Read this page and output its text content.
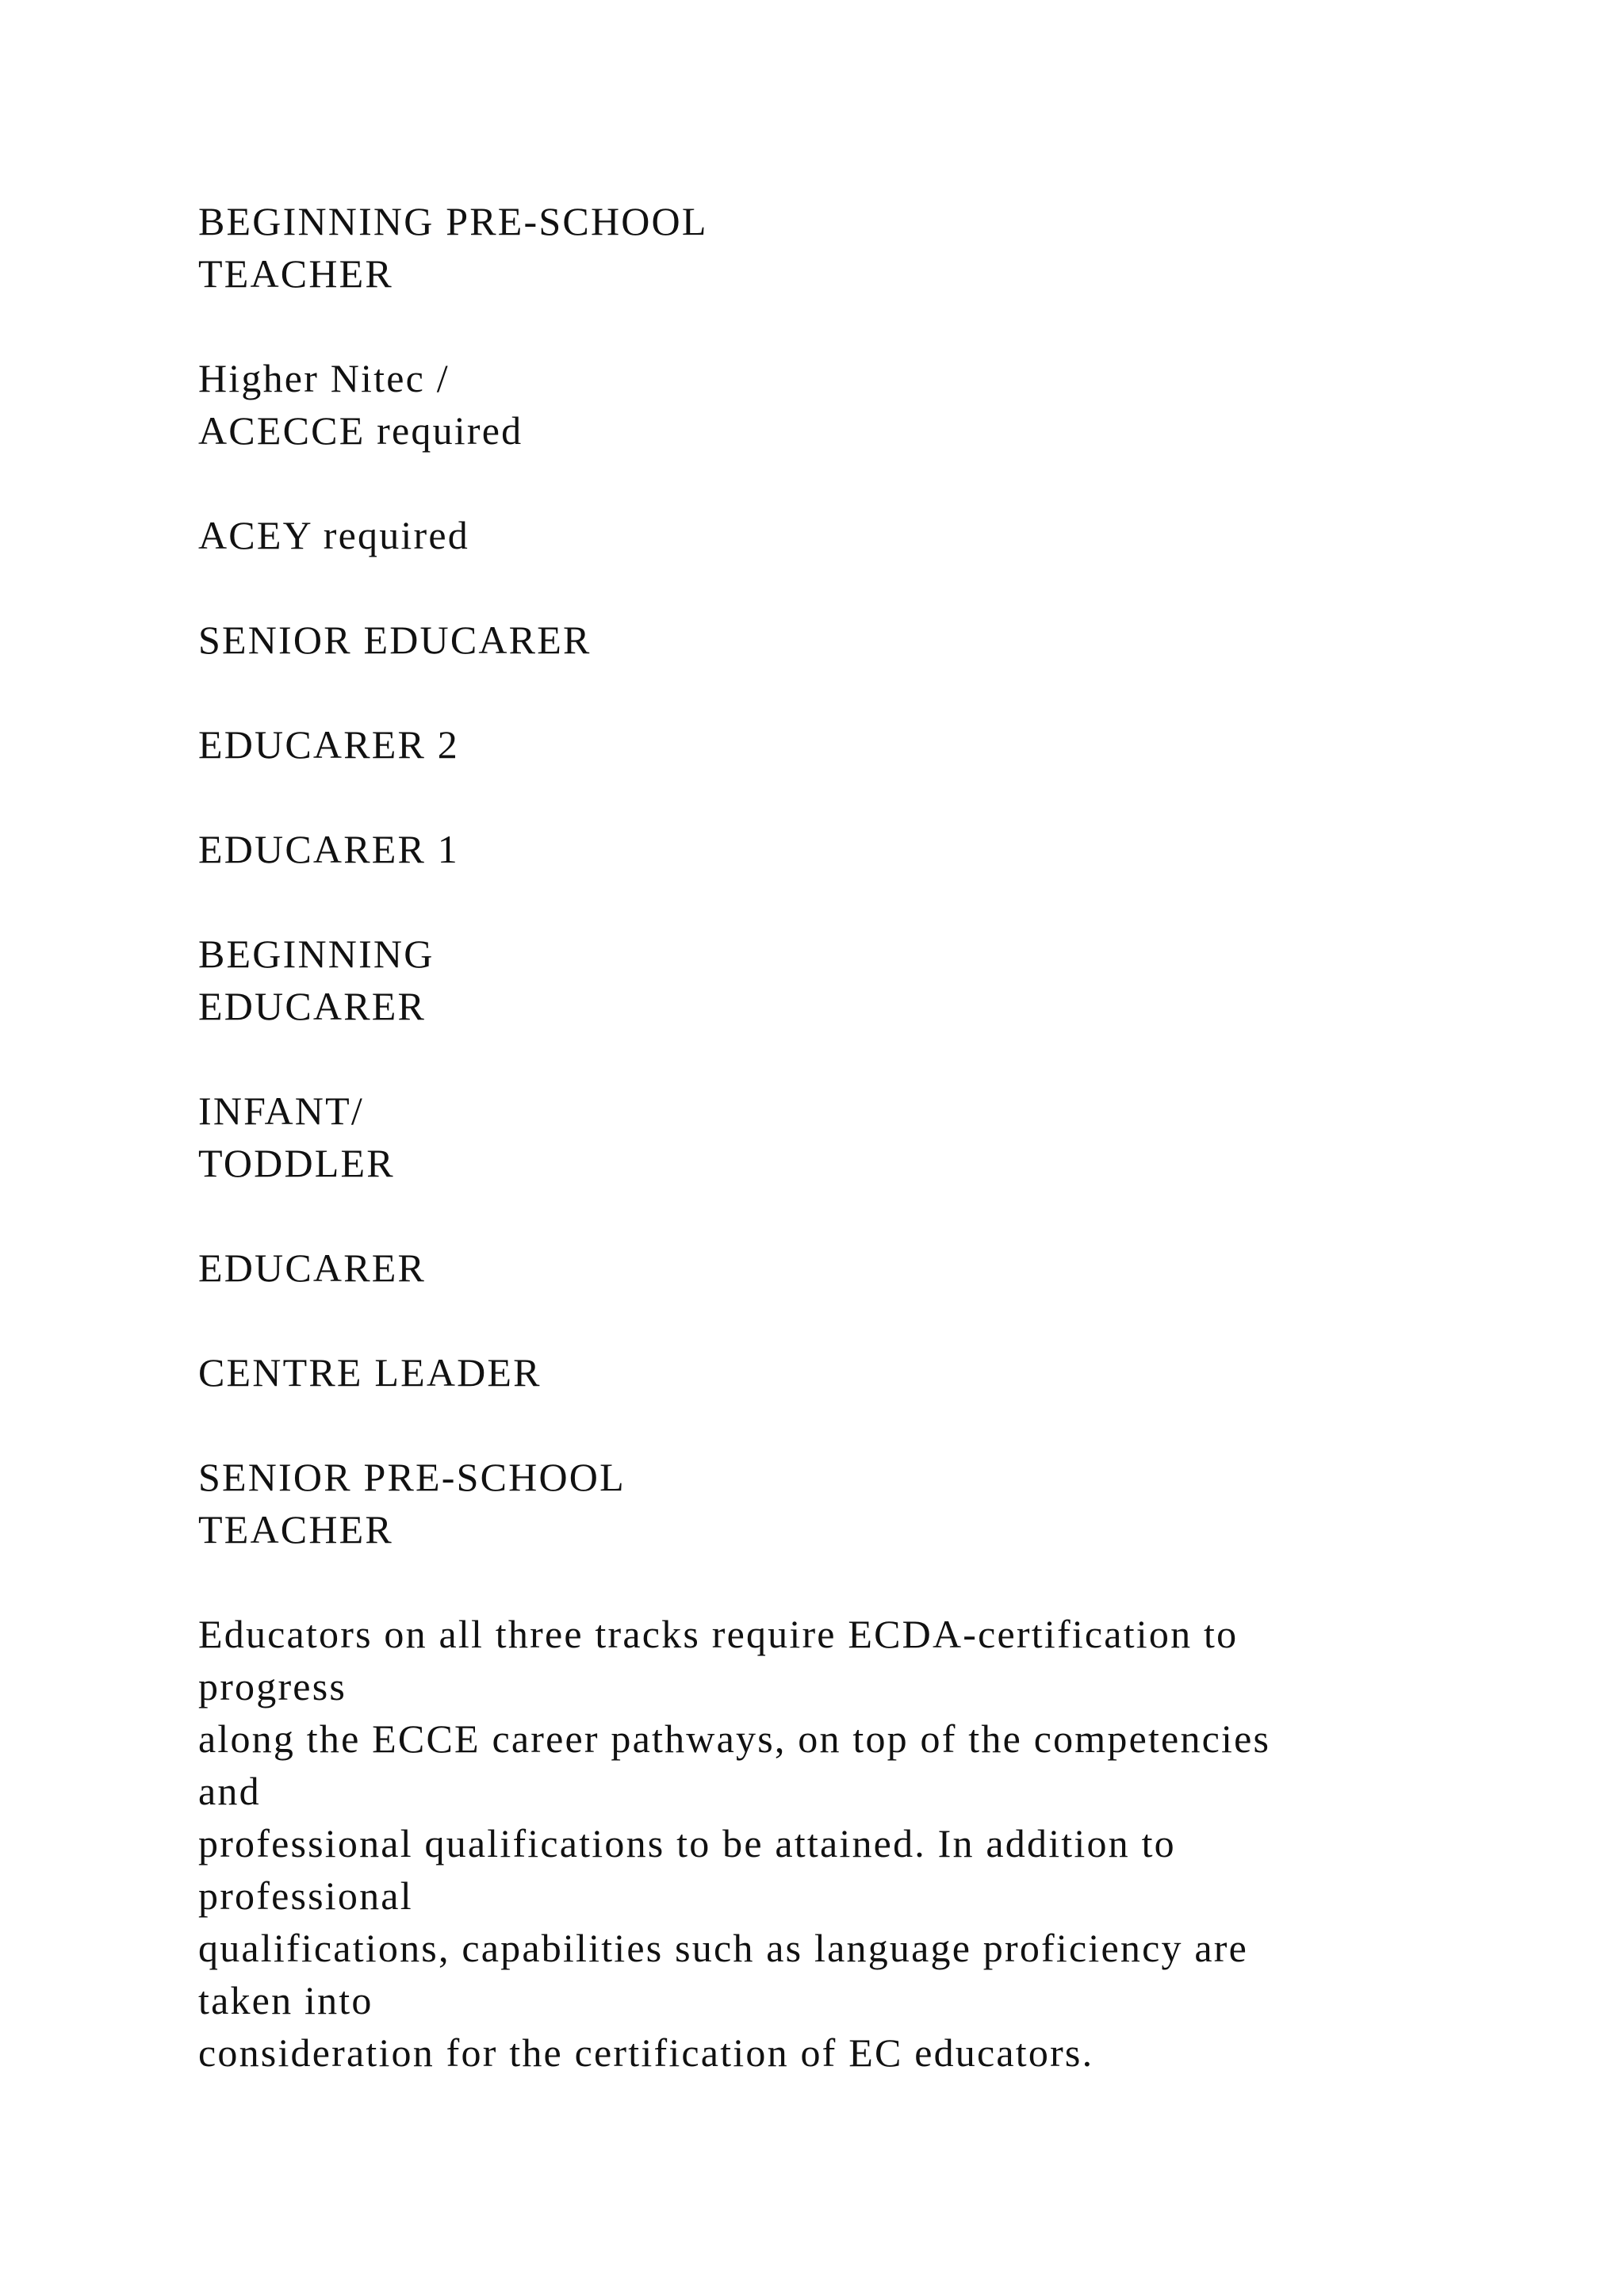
BEGINNING PRE-SCHOOL
TEACHER
Higher Nitec /
ACECCE required
ACEY required
SENIOR EDUCARER
EDUCARER 2
EDUCARER 1
BEGINNING
EDUCARER
INFANT/
TODDLER
EDUCARER
CENTRE LEADER
SENIOR PRE-SCHOOL
TEACHER
Educators on all three tracks require ECDA-certification to
progress
along the ECCE career pathways, on top of the competencies
and
professional qualifications to be attained. In addition to
professional
qualifications, capabilities such as language proficiency are
taken into
consideration for the certification of EC educators.
